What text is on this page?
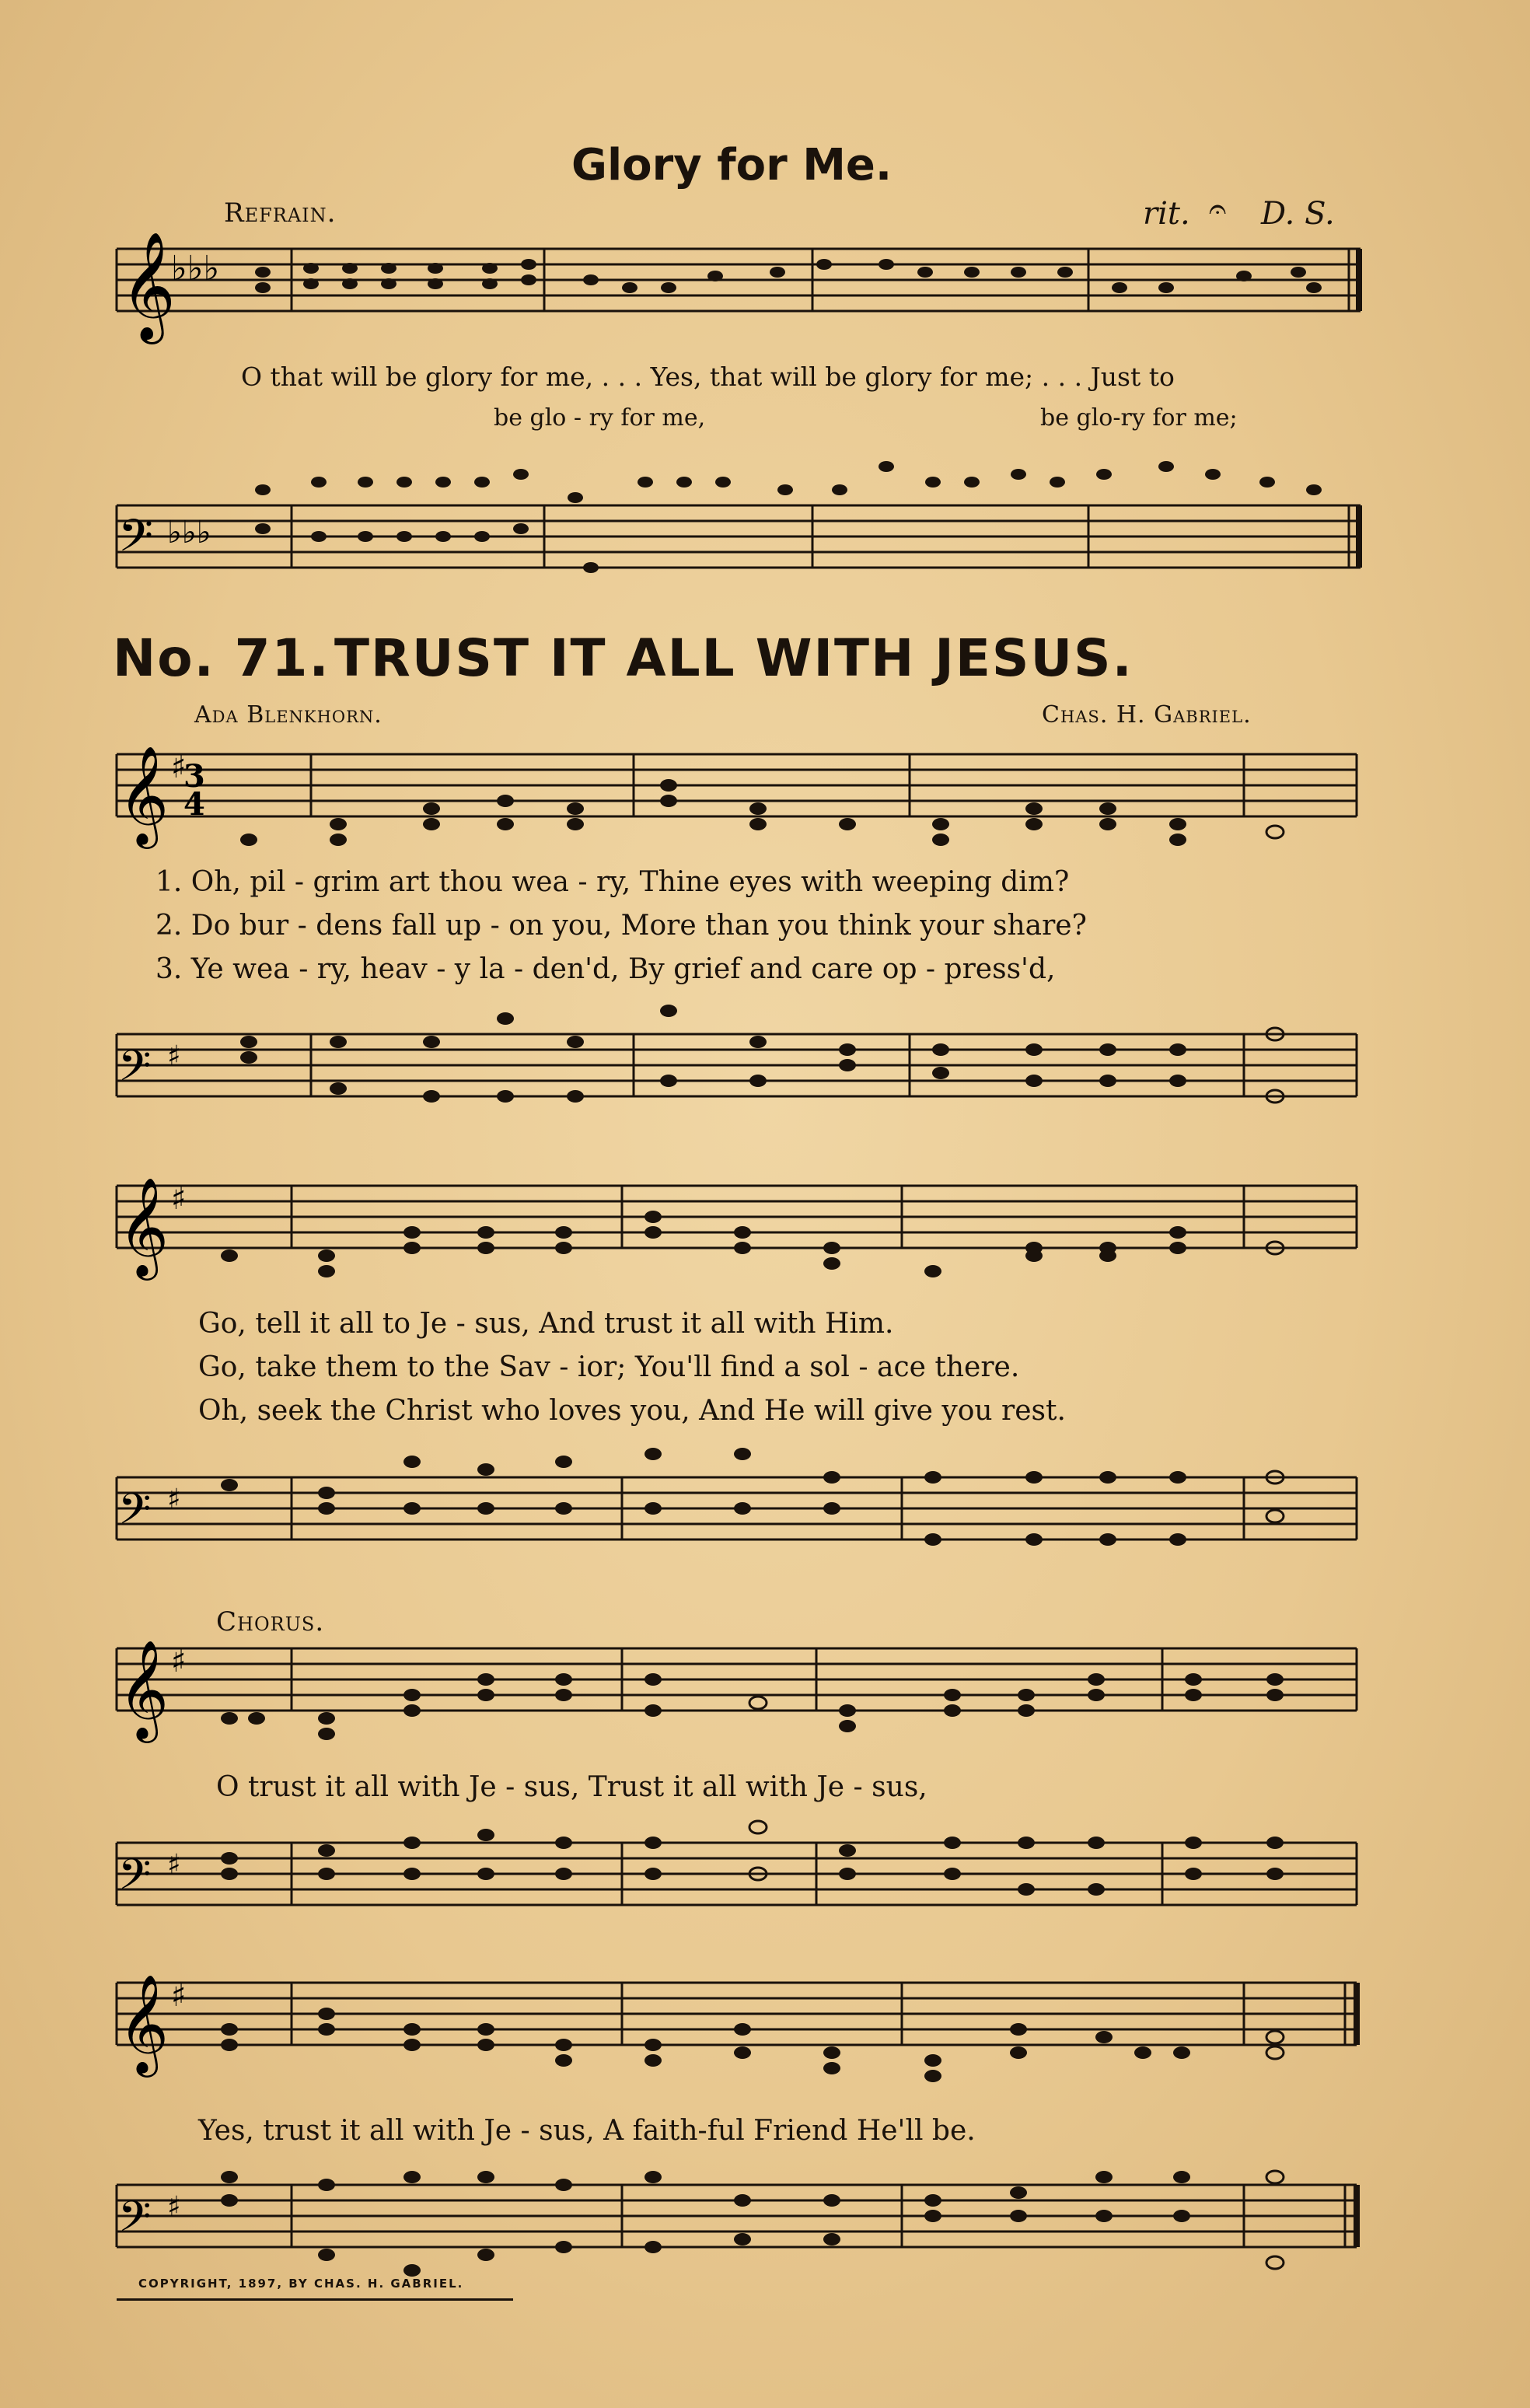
Glory for Me.
Refrain.	rit. 𝄐 D. S.
𝄞
♭♭♭
O that will be glory for me, . . . Yes, that will be glory for me; . . . Just to
be glo - ry for me,	be glo-ry for me;
𝄢 ♭♭♭
No. 71. TRUST IT ALL WITH JESUS.
Ada Blenkhorn.	Chas. H. Gabriel.
𝄞 ♯
3
4
1. Oh, pil - grim art thou wea - ry, Thine eyes with weeping dim?
2. Do bur - dens fall up - on you, More than you think your share?
3. Ye wea - ry, heav - y la - den'd, By grief and care op - press'd,
𝄢 ♯
𝄞 ♯
Go, tell it all to Je - sus, And trust it all with Him.
Go, take them to the Sav - ior; You'll find a sol - ace there.
Oh, seek the Christ who loves you, And He will give you rest.
𝄢 ♯
Chorus.
𝄞 ♯
O trust it all with Je - sus, Trust it all with Je - sus,
𝄢 ♯
𝄞 ♯
Yes, trust it all with Je - sus, A faith-ful Friend He'll be.
𝄢 ♯
COPYRIGHT, 1897, BY CHAS. H. GABRIEL.
